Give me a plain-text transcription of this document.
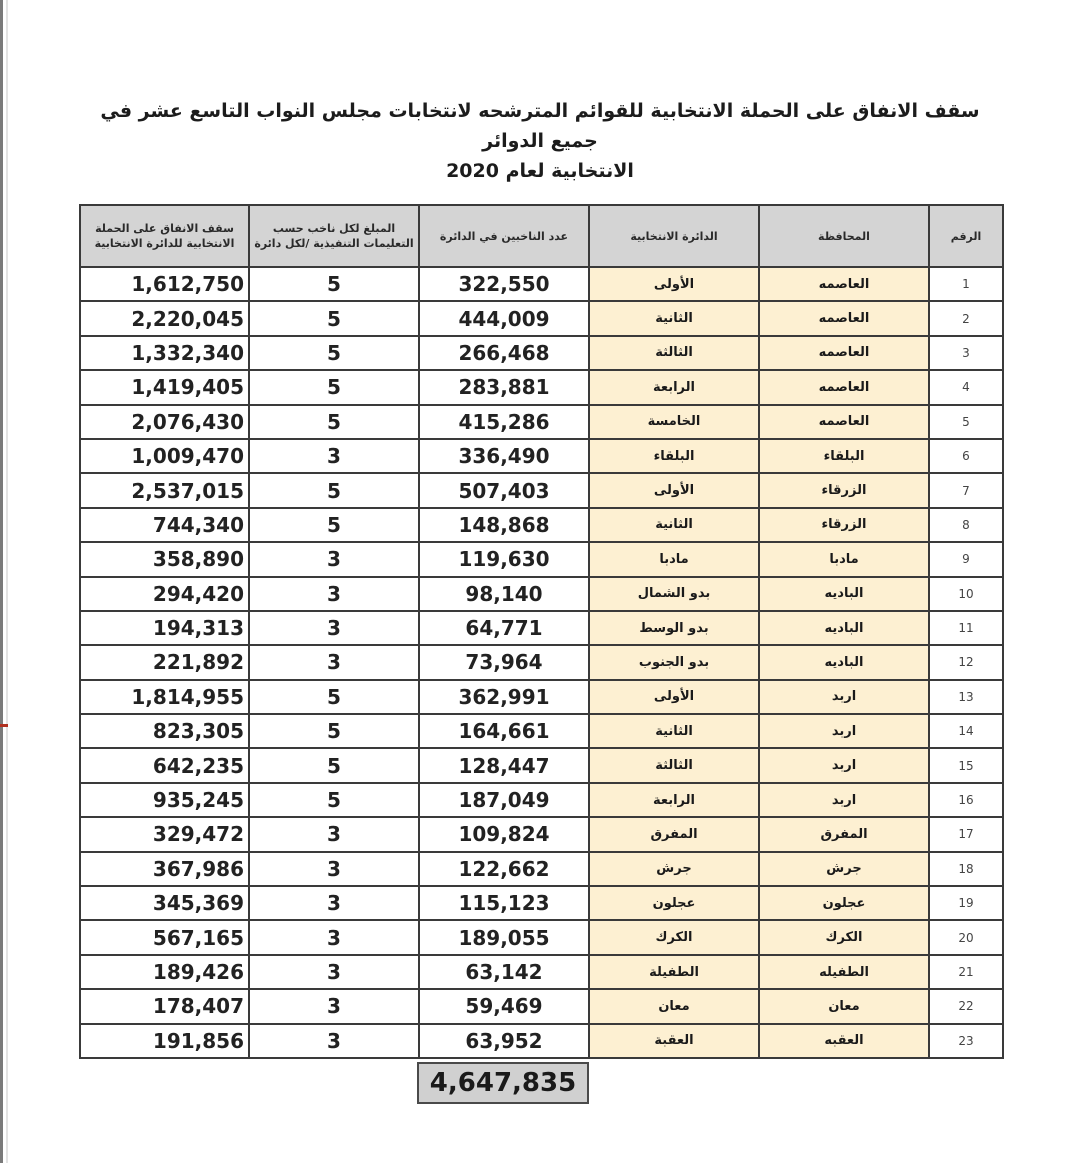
سقف الانفاق على الحملة الانتخابية للقوائم المترشحه لانتخابات مجلس النواب التاسع عشر في جميع الدوائر
الانتخابية لعام 2020
الرقم	المحافظة	الدائرة الانتخابية	عدد الناخبين في الدائرة	المبلغ لكل ناخب حسب التعليمات التنفيذية /لكل دائرة	سقف الانفاق على الحملة الانتخابية للدائرة الانتخابية
1	العاصمه	الأولى	322,550	5	1,612,750

2	العاصمه	الثانية	444,009	5	2,220,045

3	العاصمه	الثالثة	266,468	5	1,332,340

4	العاصمه	الرابعة	283,881	5	1,419,405

5	العاصمه	الخامسة	415,286	5	2,076,430

6	البلقاء	البلقاء	336,490	3	1,009,470

7	الزرقاء	الأولى	507,403	5	2,537,015

8	الزرقاء	الثانية	148,868	5	744,340

9	مادبا	مادبا	119,630	3	358,890

10	الباديه	بدو الشمال	98,140	3	294,420

11	الباديه	بدو الوسط	64,771	3	194,313

12	الباديه	بدو الجنوب	73,964	3	221,892

13	اربد	الأولى	362,991	5	1,814,955

14	اربد	الثانية	164,661	5	823,305

15	اربد	الثالثة	128,447	5	642,235

16	اربد	الرابعة	187,049	5	935,245

17	المفرق	المفرق	109,824	3	329,472

18	جرش	جرش	122,662	3	367,986

19	عجلون	عجلون	115,123	3	345,369

20	الكرك	الكرك	189,055	3	567,165

21	الطفيله	الطفيلة	63,142	3	189,426

22	معان	معان	59,469	3	178,407

23	العقبه	العقبة	63,952	3	191,856
4,647,835
